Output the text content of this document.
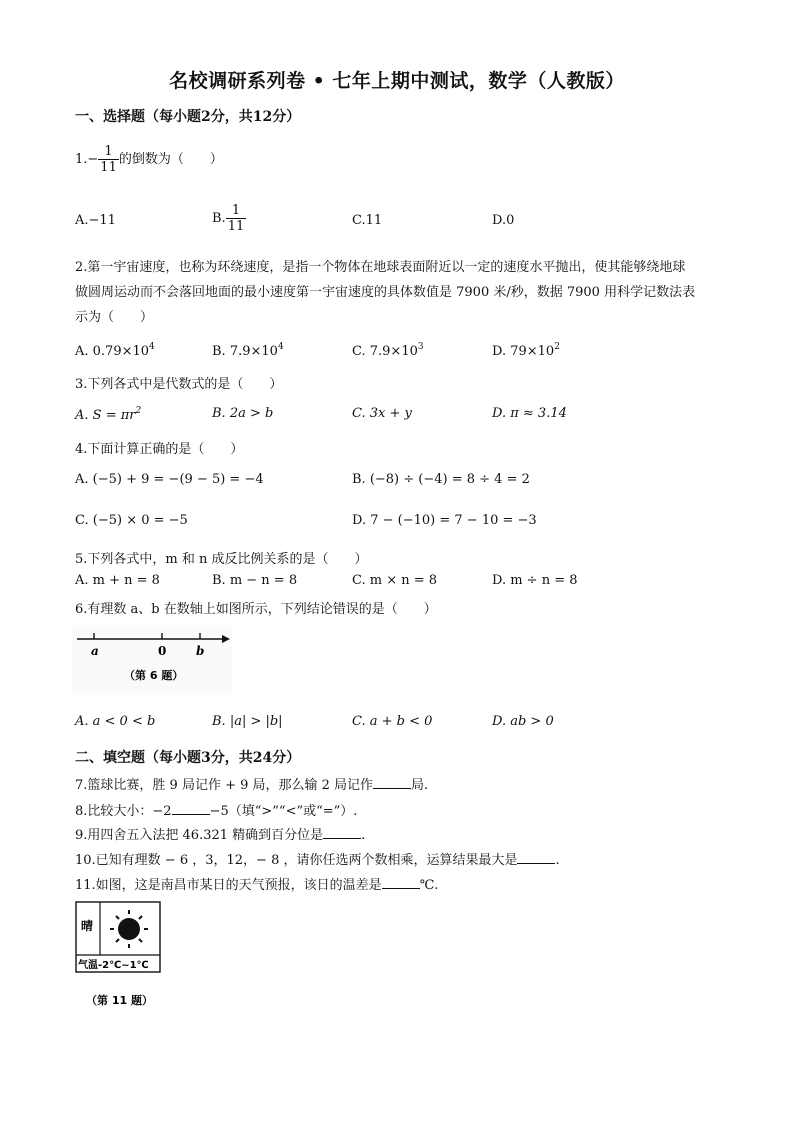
名校调研系列卷 • 七年上期中测试，数学（人教版）
一、选择题（每小题2分，共12分）
$1.- \frac{1}{11}$ 的倒数为（　　）
A.−11	B. $\frac{1}{11}$	C.11	D.0
2.第一宇宙速度，也称为环绕速度，是指一个物体在地球表面附近以一定的速度水平抛出，使其能够绕地球
做圆周运动而不会落回地面的最小速度第一宇宙速度的具体数值是 7900 米/秒，数据 7900 用科学记数法表
示为（　　）
A. $0.79\times 10^4$	B. $7.9\times 10^4$	C. $7.9\times 10^3$	D. $79\times 10^2$
3.下列各式中是代数式的是（　　）
A. $S = \pi r^2$	B. 2a > b	C. 3x + y	D. π ≈ 3.14
4.下面计算正确的是（　　）
A. (−5) + 9 = −(9 − 5) = −4	B. (−8) ÷ (−4) = 8 ÷ 4 = 2
C. (−5) × 0 = −5	D. 7 − (−10) = 7 − 10 = −3
5.下列各式中，m 和 n 成反比例关系的是（　　）
A. m + n = 8	B. m − n = 8	C. m × n = 8	D. m ÷ n = 8
6.有理数 a、b 在数轴上如图所示，下列结论错误的是（　　）
a	0 b
（第 6 题）
A. a < 0 < b	B. |a| > |b|	C. a + b < 0	D. ab > 0
二、填空题（每小题3分，共24分）
7.篮球比赛，胜 9 局记作 + 9 局，那么输 2 局记作	局.
8.比较大小：−2	−5（填“>”“<”或“=”）.
9.用四舍五入法把 46.321 精确到百分位是	.
10.已知有理数 − 6 ，3，12，− 8 ，请你任选两个数相乘，运算结果最大是	.
11.如图，这是南昌市某日的天气预报，该日的温差是	℃.
晴
气温-2℃~1℃
（第 11 题）
